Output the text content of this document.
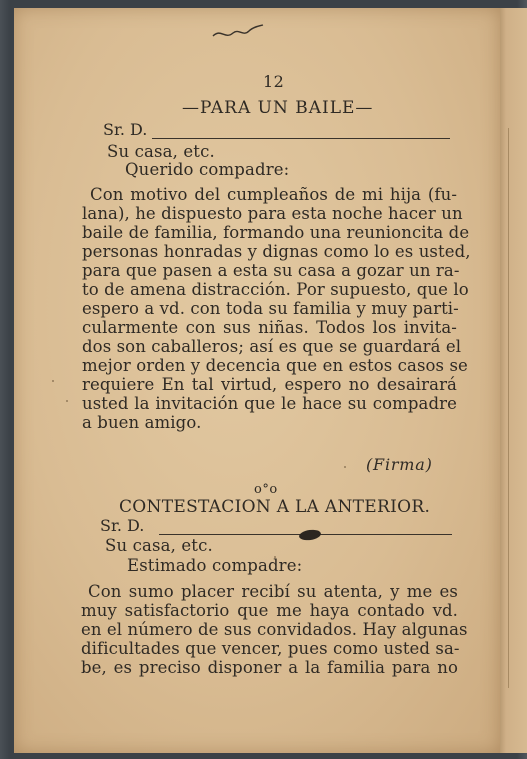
12
—PARA UN BAILE—
Sr. D.
Su casa, etc.
Querido compadre:
Con motivo del cumpleaños de mi hija (fu-
lana), he dispuesto para esta noche hacer un
baile de familia, formando una reunioncita de
personas honradas y dignas como lo es usted,
para que pasen a esta su casa a gozar un ra-
to de amena distracción. Por supuesto, que lo
espero a vd. con toda su familia y muy parti-
cularmente con sus niñas. Todos los invita-
dos son caballeros; así es que se guardará el
mejor orden y decencia que en estos casos se
requiere En tal virtud, espero no desairará
usted la invitación que le hace su compadre
a buen amigo.
(Firma)
o°o
CONTESTACION A LA ANTERIOR.
Sr. D.
Su casa, etc.
Estimado compadre:
Con sumo placer recibí su atenta, y me es
muy satisfactorio que me haya contado vd.
en el número de sus convidados. Hay algunas
dificultades que vencer, pues como usted sa-
be, es preciso disponer a la familia para no
